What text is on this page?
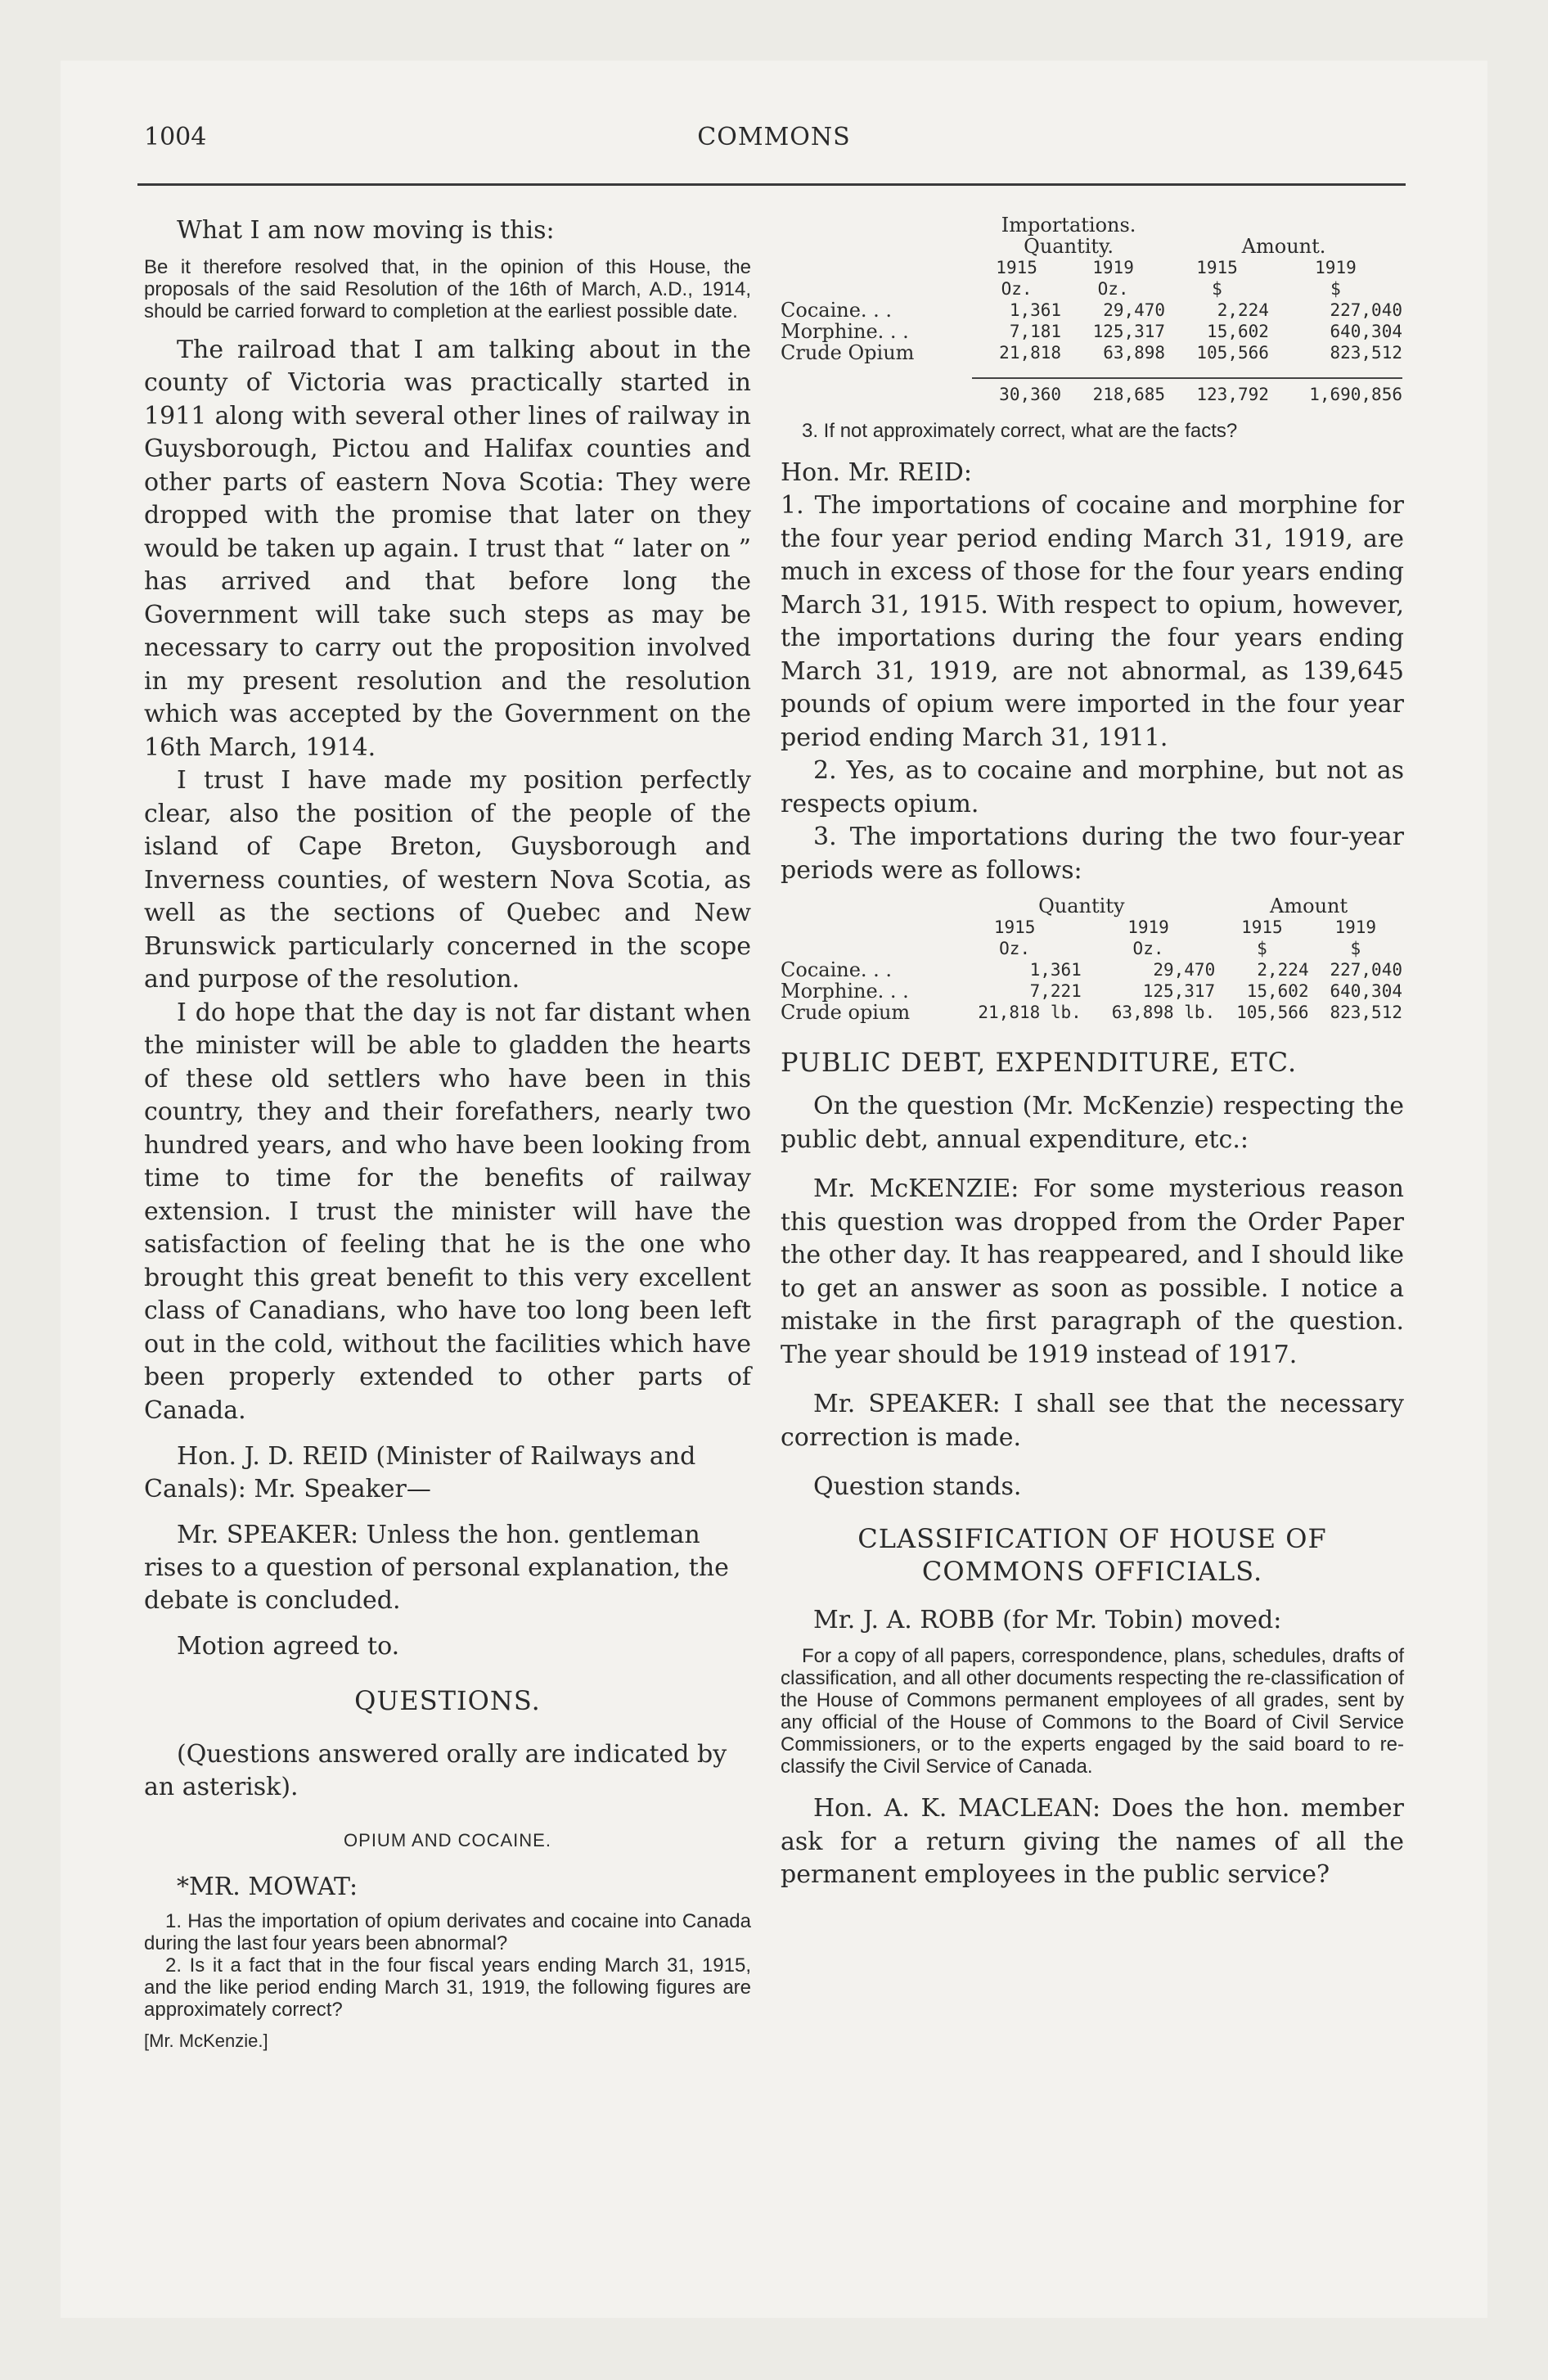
1004	COMMONS

What I am now moving is this:

Be it therefore resolved that, in the opinion of this House, the proposals of the said Resolution of the 16th of March, A.D., 1914, should be carried forward to completion at the earliest possible date.

The railroad that I am talking about in the county of Victoria was practically started in 1911 along with several other lines of railway in Guysborough, Pictou and Halifax counties and other parts of eastern Nova Scotia: They were dropped with the promise that later on they would be taken up again. I trust that “ later on ” has arrived and that before long the Government will take such steps as may be necessary to carry out the proposition involved in my present resolution and the resolution which was accepted by the Government on the 16th March, 1914.

I trust I have made my position perfectly clear, also the position of the people of the island of Cape Breton, Guysborough and Inverness counties, of western Nova Scotia, as well as the sections of Quebec and New Brunswick particularly concerned in the scope and purpose of the resolution.

I do hope that the day is not far distant when the minister will be able to gladden the hearts of these old settlers who have been in this country, they and their forefathers, nearly two hundred years, and who have been looking from time to time for the benefits of railway extension. I trust the minister will have the satisfaction of feeling that he is the one who brought this great benefit to this very excellent class of Canadians, who have too long been left out in the cold, without the facilities which have been properly extended to other parts of Canada.

Hon. J. D. REID (Minister of Railways and Canals): Mr. Speaker—

Mr. SPEAKER: Unless the hon. gentleman rises to a question of personal explanation, the debate is concluded.

Motion agreed to.

QUESTIONS.

(Questions answered orally are indicated by an asterisk).

OPIUM AND COCAINE.

*MR. MOWAT:

1. Has the importation of opium derivates and cocaine into Canada during the last four years been abnormal?

2. Is it a fact that in the four fiscal years ending March 31, 1915, and the like period ending March 31, 1919, the following figures are approximately correct?

[Mr. McKenzie.]

	Importations.			
	Quantity.		Amount.	
	1915	1919	1915	1919
	Oz.	Oz.	$	$
Cocaine. . .	1,361	29,470	2,224	227,040
Morphine. . .	7,181	125,317	15,602	640,304
Crude Opium	21,818	63,898	105,566	823,512

	30,360	218,685	123,792	1,690,856

3. If not approximately correct, what are the facts?

Hon. Mr. REID:

1. The importations of cocaine and morphine for the four year period ending March 31, 1919, are much in excess of those for the four years ending March 31, 1915. With respect to opium, however, the importations during the four years ending March 31, 1919, are not abnormal, as 139,645 pounds of opium were imported in the four year period ending March 31, 1911.

2. Yes, as to cocaine and morphine, but not as respects opium.

3. The importations during the two four-year periods were as follows:

	Quantity		Amount	
	1915	1919	1915	1919
	Oz.	Oz.	$	$
Cocaine. . .	1,361	29,470	2,224	227,040
Morphine. . .	7,221	125,317	15,602	640,304
Crude opium	21,818 lb.	63,898 lb.	105,566	823,512

PUBLIC DEBT, EXPENDITURE, ETC.

On the question (Mr. McKenzie) respecting the public debt, annual expenditure, etc.:

Mr. McKENZIE: For some mysterious reason this question was dropped from the Order Paper the other day. It has reappeared, and I should like to get an answer as soon as possible. I notice a mistake in the first paragraph of the question. The year should be 1919 instead of 1917.

Mr. SPEAKER: I shall see that the necessary correction is made.

Question stands.

CLASSIFICATION OF HOUSE OF COMMONS OFFICIALS.

Mr. J. A. ROBB (for Mr. Tobin) moved:

For a copy of all papers, correspondence, plans, schedules, drafts of classification, and all other documents respecting the re-classification of the House of Commons permanent employees of all grades, sent by any official of the House of Commons to the Board of Civil Service Commissioners, or to the experts engaged by the said board to re-classify the Civil Service of Canada.

Hon. A. K. MACLEAN: Does the hon. member ask for a return giving the names of all the permanent employees in the public service?
